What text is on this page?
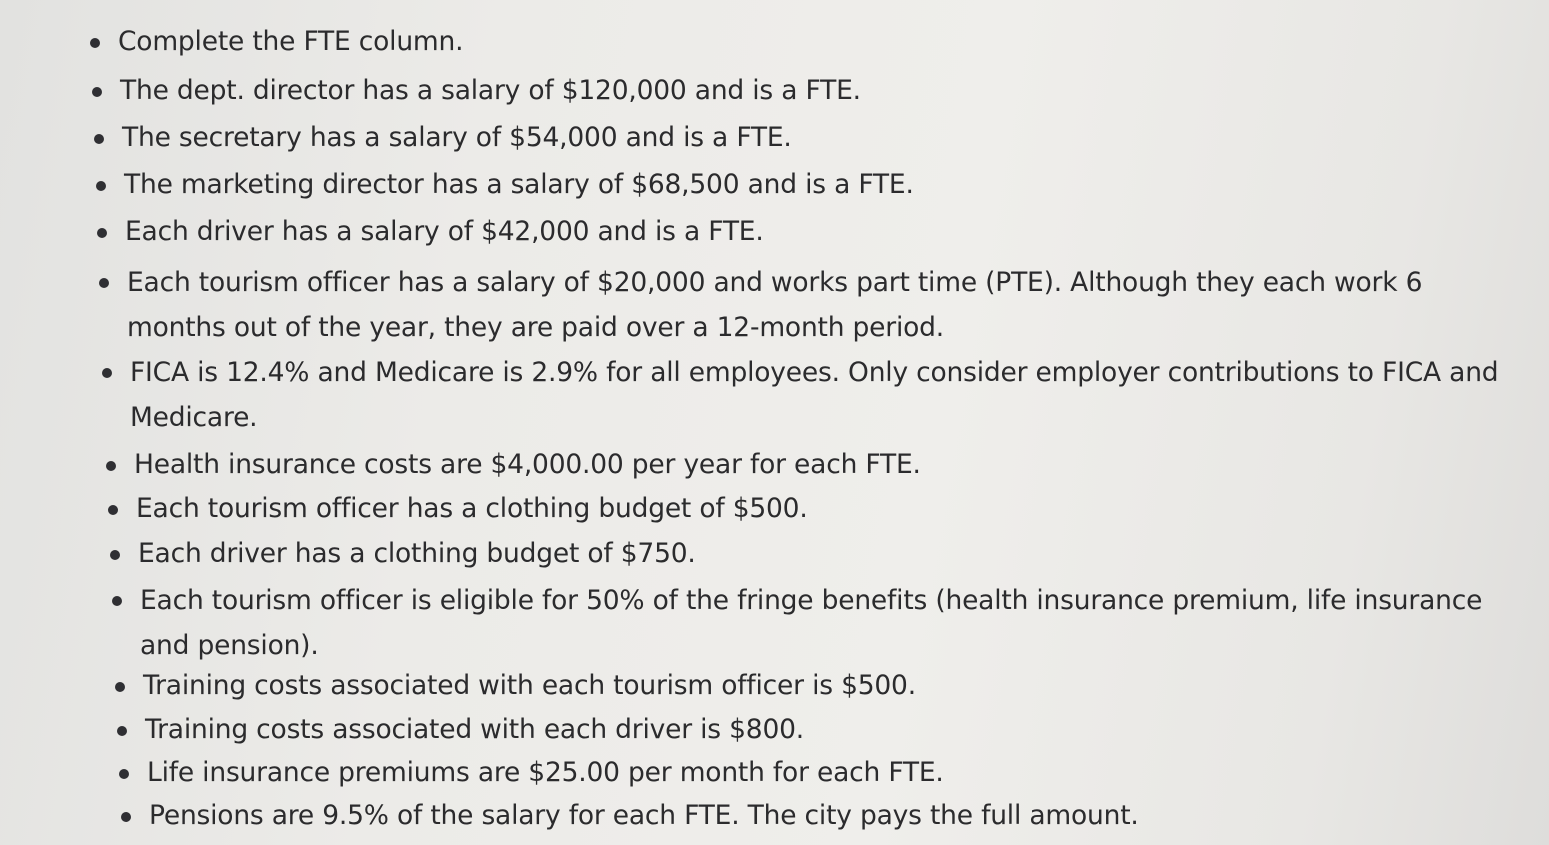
Complete the FTE column.
The dept. director has a salary of $120,000 and is a FTE.
The secretary has a salary of $54,000 and is a FTE.
The marketing director has a salary of $68,500 and is a FTE.
Each driver has a salary of $42,000 and is a FTE.
Each tourism officer has a salary of $20,000 and works part time (PTE). Although they each work 6 months out of the year, they are paid over a 12-month period.
FICA is 12.4% and Medicare is 2.9% for all employees. Only consider employer contributions to FICA and Medicare.
Health insurance costs are $4,000.00 per year for each FTE.
Each tourism officer has a clothing budget of $500.
Each driver has a clothing budget of $750.
Each tourism officer is eligible for 50% of the fringe benefits (health insurance premium, life insurance and pension).
Training costs associated with each tourism officer is $500.
Training costs associated with each driver is $800.
Life insurance premiums are $25.00 per month for each FTE.
Pensions are 9.5% of the salary for each FTE. The city pays the full amount.
